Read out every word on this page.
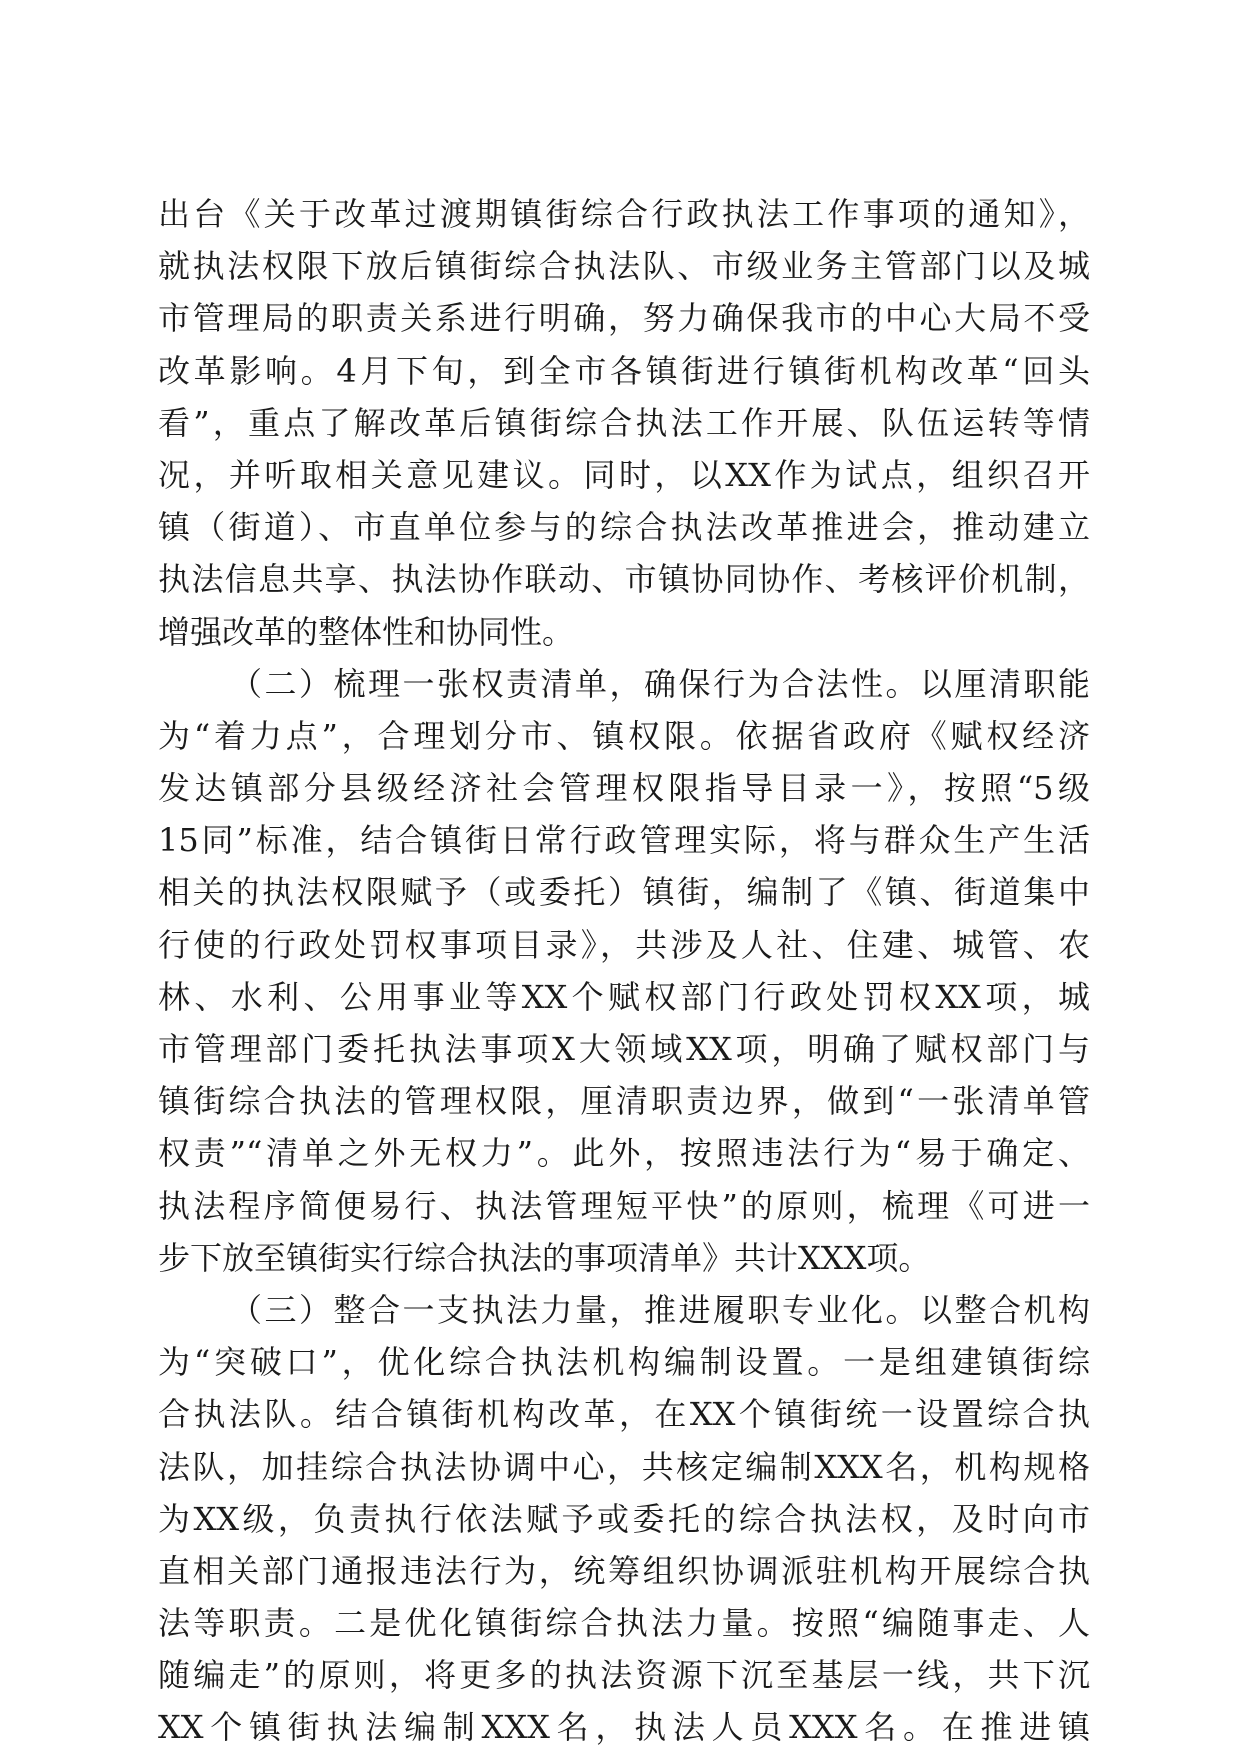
出台《关于改革过渡期镇街综合行政执法工作事项的通知》，
就执法权限下放后镇街综合执法队、市级业务主管部门以及城
市管理局的职责关系进行明确，努力确保我市的中心大局不受
改革影响。4月下旬，到全市各镇街进行镇街机构改革“回头
看”，重点了解改革后镇街综合执法工作开展、队伍运转等情
况，并听取相关意见建议。同时，以XX作为试点，组织召开
镇（街道）、市直单位参与的综合执法改革推进会，推动建立
执法信息共享、执法协作联动、市镇协同协作、考核评价机制，
增强改革的整体性和协同性。
（二）梳理一张权责清单，确保行为合法性。以厘清职能
为“着力点”，合理划分市、镇权限。依据省政府《赋权经济
发达镇部分县级经济社会管理权限指导目录一》，按照“5级
15同”标准，结合镇街日常行政管理实际，将与群众生产生活
相关的执法权限赋予（或委托）镇街，编制了《镇、街道集中
行使的行政处罚权事项目录》，共涉及人社、住建、城管、农
林、水利、公用事业等XX个赋权部门行政处罚权XX项，城
市管理部门委托执法事项X大领域XX项，明确了赋权部门与
镇街综合执法的管理权限，厘清职责边界，做到“一张清单管
权责”“清单之外无权力”。此外，按照违法行为“易于确定、
执法程序简便易行、执法管理短平快”的原则，梳理《可进一
步下放至镇街实行综合执法的事项清单》共计XXX项。
（三）整合一支执法力量，推进履职专业化。以整合机构
为“突破口”，优化综合执法机构编制设置。一是组建镇街综
合执法队。结合镇街机构改革，在XX个镇街统一设置综合执
法队，加挂综合执法协调中心，共核定编制XXX名，机构规格
为XX级，负责执行依法赋予或委托的综合执法权，及时向市
直相关部门通报违法行为，统筹组织协调派驻机构开展综合执
法等职责。二是优化镇街综合执法力量。按照“编随事走、人
随编走”的原则，将更多的执法资源下沉至基层一线，共下沉
XX个镇街执法编制XXX名，执法人员XXX名。在推进镇
